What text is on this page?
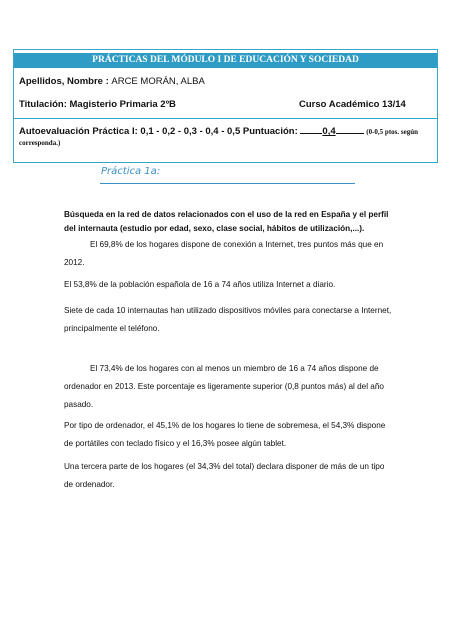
PRÁCTICAS DEL MÓDULO I DE EDUCACIÓN Y SOCIEDAD
Apellidos, Nombre : ARCE MORÁN, ALBA
Titulación: Magisterio Primaria 2ºB	Curso Académico 13/14
Autoevaluación Práctica I: 0,1 - 0,2 - 0,3 - 0,4 - 0,5 Puntuación:	0,4	(0-0,5 ptos. según
corresponda.)
Práctica 1a:
Búsqueda en la red de datos relacionados con el uso de la red en España y el perfil del internauta (estudio por edad, sexo, clase social, hábitos de utilización,...).
El 69,8% de los hogares dispone de conexión a Internet, tres puntos más que en 2012.
El 53,8% de la población española de 16 a 74 años utiliza Internet a diario.
Siete de cada 10 internautas han utilizado dispositivos móviles para conectarse a Internet, principalmente el teléfono.
El 73,4% de los hogares con al menos un miembro de 16 a 74 años dispone de ordenador en 2013. Este porcentaje es ligeramente superior (0,8 puntos más) al del año pasado.
Por tipo de ordenador, el 45,1% de los hogares lo tiene de sobremesa, el 54,3% dispone de portátiles con teclado físico y el 16,3% posee algún tablet.
Una tercera parte de los hogares (el 34,3% del total) declara disponer de más de un tipo de ordenador.
